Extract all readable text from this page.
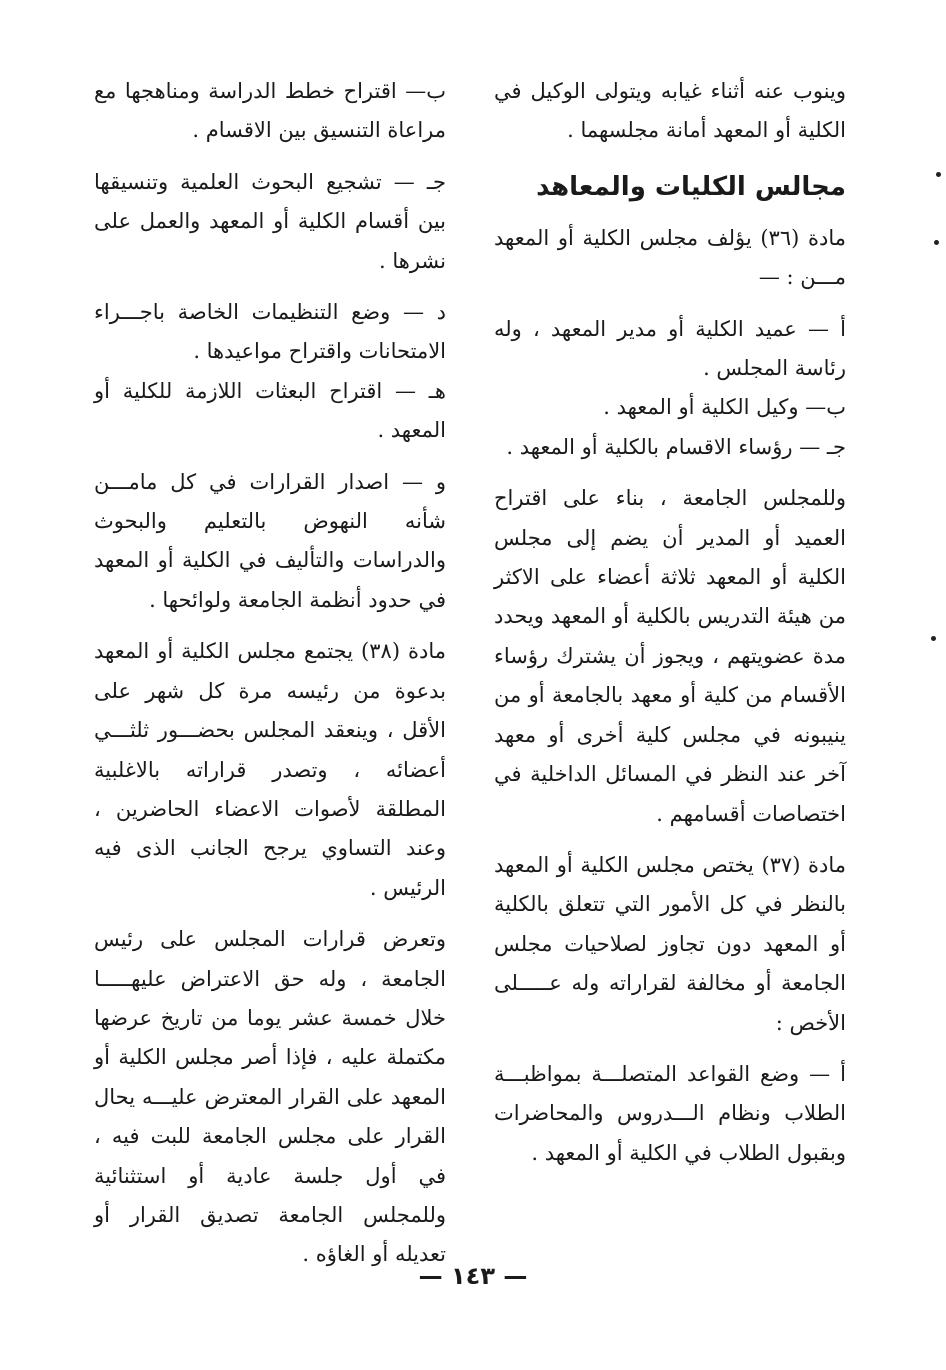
وينوب عنه أثناء غيابه ويتولى الوكيل في الكلية أو المعهد أمانة مجلسهما .

مجالس الكليات والمعاهد

مادة (٣٦) يؤلف مجلس الكلية أو المعهد مـــن : —

أ — عميد الكلية أو مدير المعهد ، وله رئاسة المجلس .

ب— وكيل الكلية أو المعهد .

جـ — رؤساء الاقسام بالكلية أو المعهد .

وللمجلس الجامعة ، بناء على اقتراح العميد أو المدير أن يضم إلى مجلس الكلية أو المعهد ثلاثة أعضاء على الاكثر من هيئة التدريس بالكلية أو المعهد ويحدد مدة عضويتهم ، ويجوز أن يشترك رؤساء الأقسام من كلية أو معهد بالجامعة أو من ينيبونه في مجلس كلية أخرى أو معهد آخر عند النظر في المسائل الداخلية في اختصاصات أقسامهم .

مادة (٣٧) يختص مجلس الكلية أو المعهد بالنظر في كل الأمور التي تتعلق بالكلية أو المعهد دون تجاوز لصلاحيات مجلس الجامعة أو مخالفة لقراراته وله عـــــلى الأخص :

أ — وضع القواعد المتصلـــة بمواظبـــة الطلاب ونظام الـــدروس والمحاضرات وبقبول الطلاب في الكلية أو المعهد .

ب— اقتراح خطط الدراسة ومناهجها مع مراعاة التنسيق بين الاقسام .

جـ — تشجيع البحوث العلمية وتنسيقها بين أقسام الكلية أو المعهد والعمل على نشرها .

د — وضع التنظيمات الخاصة باجـــراء الامتحانات واقتراح مواعيدها .

هـ — اقتراح البعثات اللازمة للكلية أو المعهد .

و — اصدار القرارات في كل مامـــن شأنه النهوض بالتعليم والبحوث والدراسات والتأليف في الكلية أو المعهد في حدود أنظمة الجامعة ولوائحها .

مادة (٣٨) يجتمع مجلس الكلية أو المعهد بدعوة من رئيسه مرة كل شهر على الأقل ، وينعقد المجلس بحضـــور ثلثـــي أعضائه ، وتصدر قراراته بالاغلبية المطلقة لأصوات الاعضاء الحاضرين ، وعند التساوي يرجح الجانب الذى فيه الرئيس .

وتعرض قرارات المجلس على رئيس الجامعة ، وله حق الاعتراض عليهـــــا خلال خمسة عشر يوما من تاريخ عرضها مكتملة عليه ، فإذا أصر مجلس الكلية أو المعهد على القرار المعترض عليـــه يحال القرار على مجلس الجامعة للبت فيه ، في أول جلسة عادية أو استثنائية وللمجلس الجامعة تصديق القرار أو تعديله أو الغاؤه .

— ١٤٣ —
